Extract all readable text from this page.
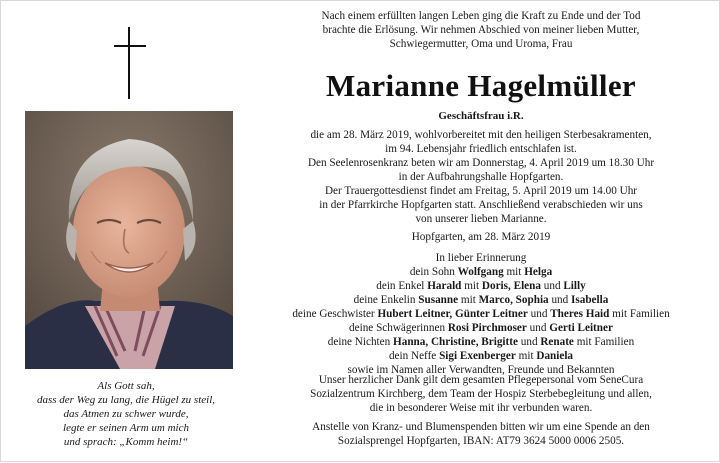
Als Gott sah,
dass der Weg zu lang, die Hügel zu steil,
das Atmen zu schwer wurde,
legte er seinen Arm um mich
und sprach: „Komm heim!“
Nach einem erfüllten langen Leben ging die Kraft zu Ende und der Tod
brachte die Erlösung. Wir nehmen Abschied von meiner lieben Mutter,
Schwiegermutter, Oma und Uroma, Frau
Marianne Hagelmüller
Geschäftsfrau i.R.
die am 28. März 2019, wohlvorbereitet mit den heiligen Sterbesakramenten,
im 94. Lebensjahr friedlich entschlafen ist.
Den Seelenrosenkranz beten wir am Donnerstag, 4. April 2019 um 18.30 Uhr
in der Aufbahrungshalle Hopfgarten.
Der Trauergottesdienst findet am Freitag, 5. April 2019 um 14.00 Uhr
in der Pfarrkirche Hopfgarten statt. Anschließend verabschieden wir uns
von unserer lieben Marianne.
Hopfgarten, am 28. März 2019
In lieber Erinnerung
dein Sohn Wolfgang mit Helga
dein Enkel Harald mit Doris, Elena und Lilly
deine Enkelin Susanne mit Marco, Sophia und Isabella
deine Geschwister Hubert Leitner, Günter Leitner und Theres Haid mit Familien
deine Schwägerinnen Rosi Pirchmoser und Gerti Leitner
deine Nichten Hanna, Christine, Brigitte und Renate mit Familien
dein Neffe Sigi Exenberger mit Daniela
sowie im Namen aller Verwandten, Freunde und Bekannten
Unser herzlicher Dank gilt dem gesamten Pflegepersonal vom SeneCura
Sozialzentrum Kirchberg, dem Team der Hospiz Sterbebegleitung und allen,
die in besonderer Weise mit ihr verbunden waren.
Anstelle von Kranz- und Blumenspenden bitten wir um eine Spende an den
Sozialsprengel Hopfgarten, IBAN: AT79 3624 5000 0006 2505.
